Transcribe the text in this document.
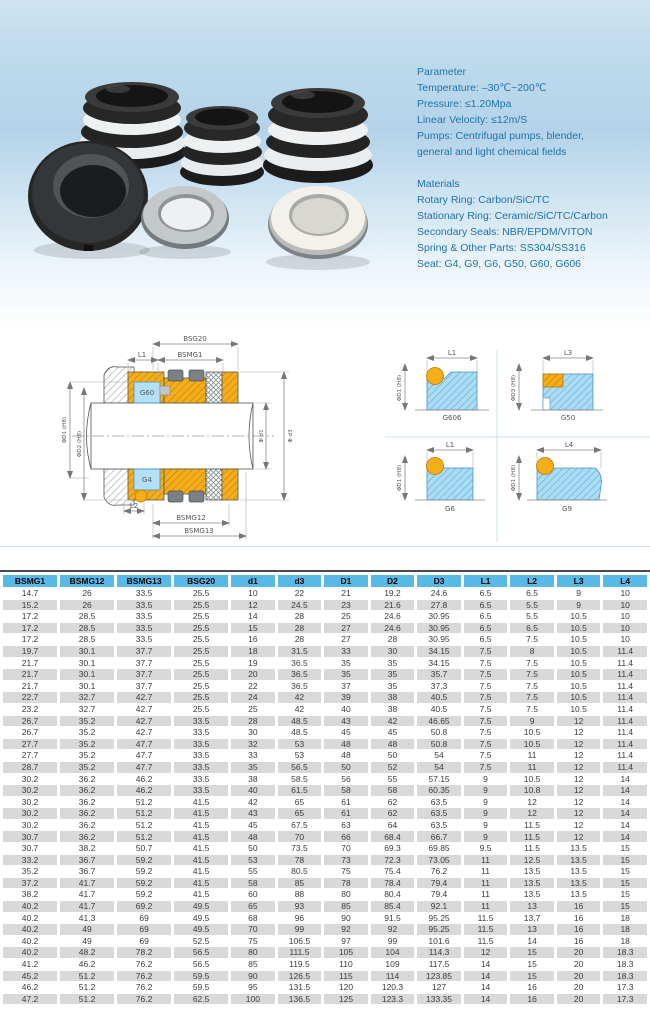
Parameter
Temperature: –30℃~200℃
Pressure: ≤1.20Mpa
Linear Velocity: ≤12m/S
Pumps: Centrifugal pumps, blender,
general and light chemical fields
Materials
Rotary Ring: Carbon/SiC/TC
Stationary Ring: Ceramic/SiC/TC/Carbon
Secondary Seals: NBR/EPDM/VITON
Spring & Other Parts: SS304/SS316
Seat: G4, G9, G6, G50, G60, G606
G60
G4
BSG20
BSMG1
L1
ΦD1 (H8)
ΦD2 (H8)	Φ d1	Φ d3
L2
BSMG12
BSMG13
L1
ΦD1 (H8)
G606
L3
ΦD3 (H8)
G50
L1
ΦD1 (H8)
G6
L4
ΦD1 (H8)
G9
BSMG1	BSMG12	BSMG13	BSG20	d1	d3	D1	D2	D3	L1	L2	L3	L4
14.7	26	33.5	25.5	10	22	21	19.2	24.6	6.5	6.5	9	10
15.2	26	33.5	25.5	12	24.5	23	21.6	27.8	6.5	5.5	9	10
17.2	28.5	33.5	25.5	14	28	25	24.6	30.95	6.5	5.5	10.5	10
17.2	28.5	33.5	25.5	15	28	27	24.6	30.95	6.5	6.5	10.5	10
17.2	28.5	33.5	25.5	16	28	27	28	30.95	6.5	7.5	10.5	10
19.7	30.1	37.7	25.5	18	31.5	33	30	34.15	7.5	8	10.5	11.4
21.7	30.1	37.7	25.5	19	36.5	35	35	34.15	7.5	7.5	10.5	11.4
21.7	30.1	37.7	25.5	20	36.5	35	35	35.7	7.5	7.5	10.5	11.4
21.7	30.1	37.7	25.5	22	36.5	37	35	37.3	7.5	7.5	10.5	11.4
22.7	32.7	42.7	25.5	24	42	39	38	40.5	7.5	7.5	10.5	11.4
23.2	32.7	42.7	25.5	25	42	40	38	40.5	7.5	7.5	10.5	11.4
26.7	35.2	42.7	33.5	28	48.5	43	42	46.65	7.5	9	12	11.4
26.7	35.2	42.7	33.5	30	48.5	45	45	50.8	7.5	10.5	12	11.4
27.7	35.2	47.7	33.5	32	53	48	48	50.8	7.5	10.5	12	11.4
27.7	35.2	47.7	33.5	33	53	48	50	54	7.5	11	12	11.4
28.7	35.2	47.7	33.5	35	56.5	50	52	54	7.5	11	12	11.4
30.2	36.2	46.2	33.5	38	58.5	56	55	57.15	9	10.5	12	14
30.2	36.2	46.2	33.5	40	61.5	58	58	60.35	9	10.8	12	14
30.2	36.2	51.2	41.5	42	65	61	62	63.5	9	12	12	14
30.2	36.2	51.2	41.5	43	65	61	62	63.5	9	12	12	14
30.2	36.2	51.2	41.5	45	67.5	63	64	63.5	9	11.5	12	14
30.7	36.2	51.2	41.5	48	70	66	68.4	66.7	9	11.5	12	14
30.7	38.2	50.7	41.5	50	73.5	70	69.3	69.85	9.5	11.5	13.5	15
33.2	36.7	59.2	41.5	53	78	73	72.3	73.05	11	12.5	13.5	15
35.2	36.7	59.2	41.5	55	80.5	75	75.4	76.2	11	13.5	13.5	15
37.2	41.7	59.2	41.5	58	85	78	78.4	79.4	11	13.5	13.5	15
38.2	41.7	59.2	41.5	60	88	80	80.4	79.4	11	13.5	13.5	15
40.2	41.7	69.2	49.5	65	93	85	85.4	92.1	11	13	16	15
40.2	41.3	69	49.5	68	96	90	91.5	95.25	11.5	13.7	16	18
40.2	49	69	49.5	70	99	92	92	95.25	11.5	13	16	18
40.2	49	69	52.5	75	106.5	97	99	101.6	11.5	14	16	18
40.2	48.2	78.2	56.5	80	111.5	105	104	114.3	12	15	20	18.3
41.2	46.2	76.2	56.5	85	119.5	110	109	117.5	14	15	20	18.3
45.2	51.2	76.2	59.5	90	126.5	115	114	123.85	14	15	20	18.3
46.2	51.2	76.2	59.5	95	131.5	120	120.3	127	14	16	20	17.3
47.2	51.2	76.2	62.5	100	136.5	125	123.3	133.35	14	16	20	17.3
